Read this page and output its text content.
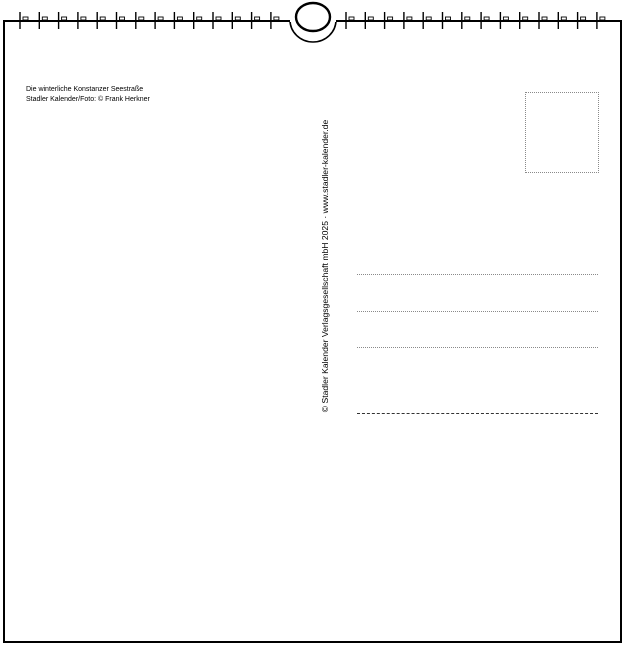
Die winterliche Konstanzer Seestraße
Stadler Kalender/Foto: © Frank Herkner
© Stadler Kalender Verlagsgesellschaft mbH 2025 · www.stadler-kalender.de
